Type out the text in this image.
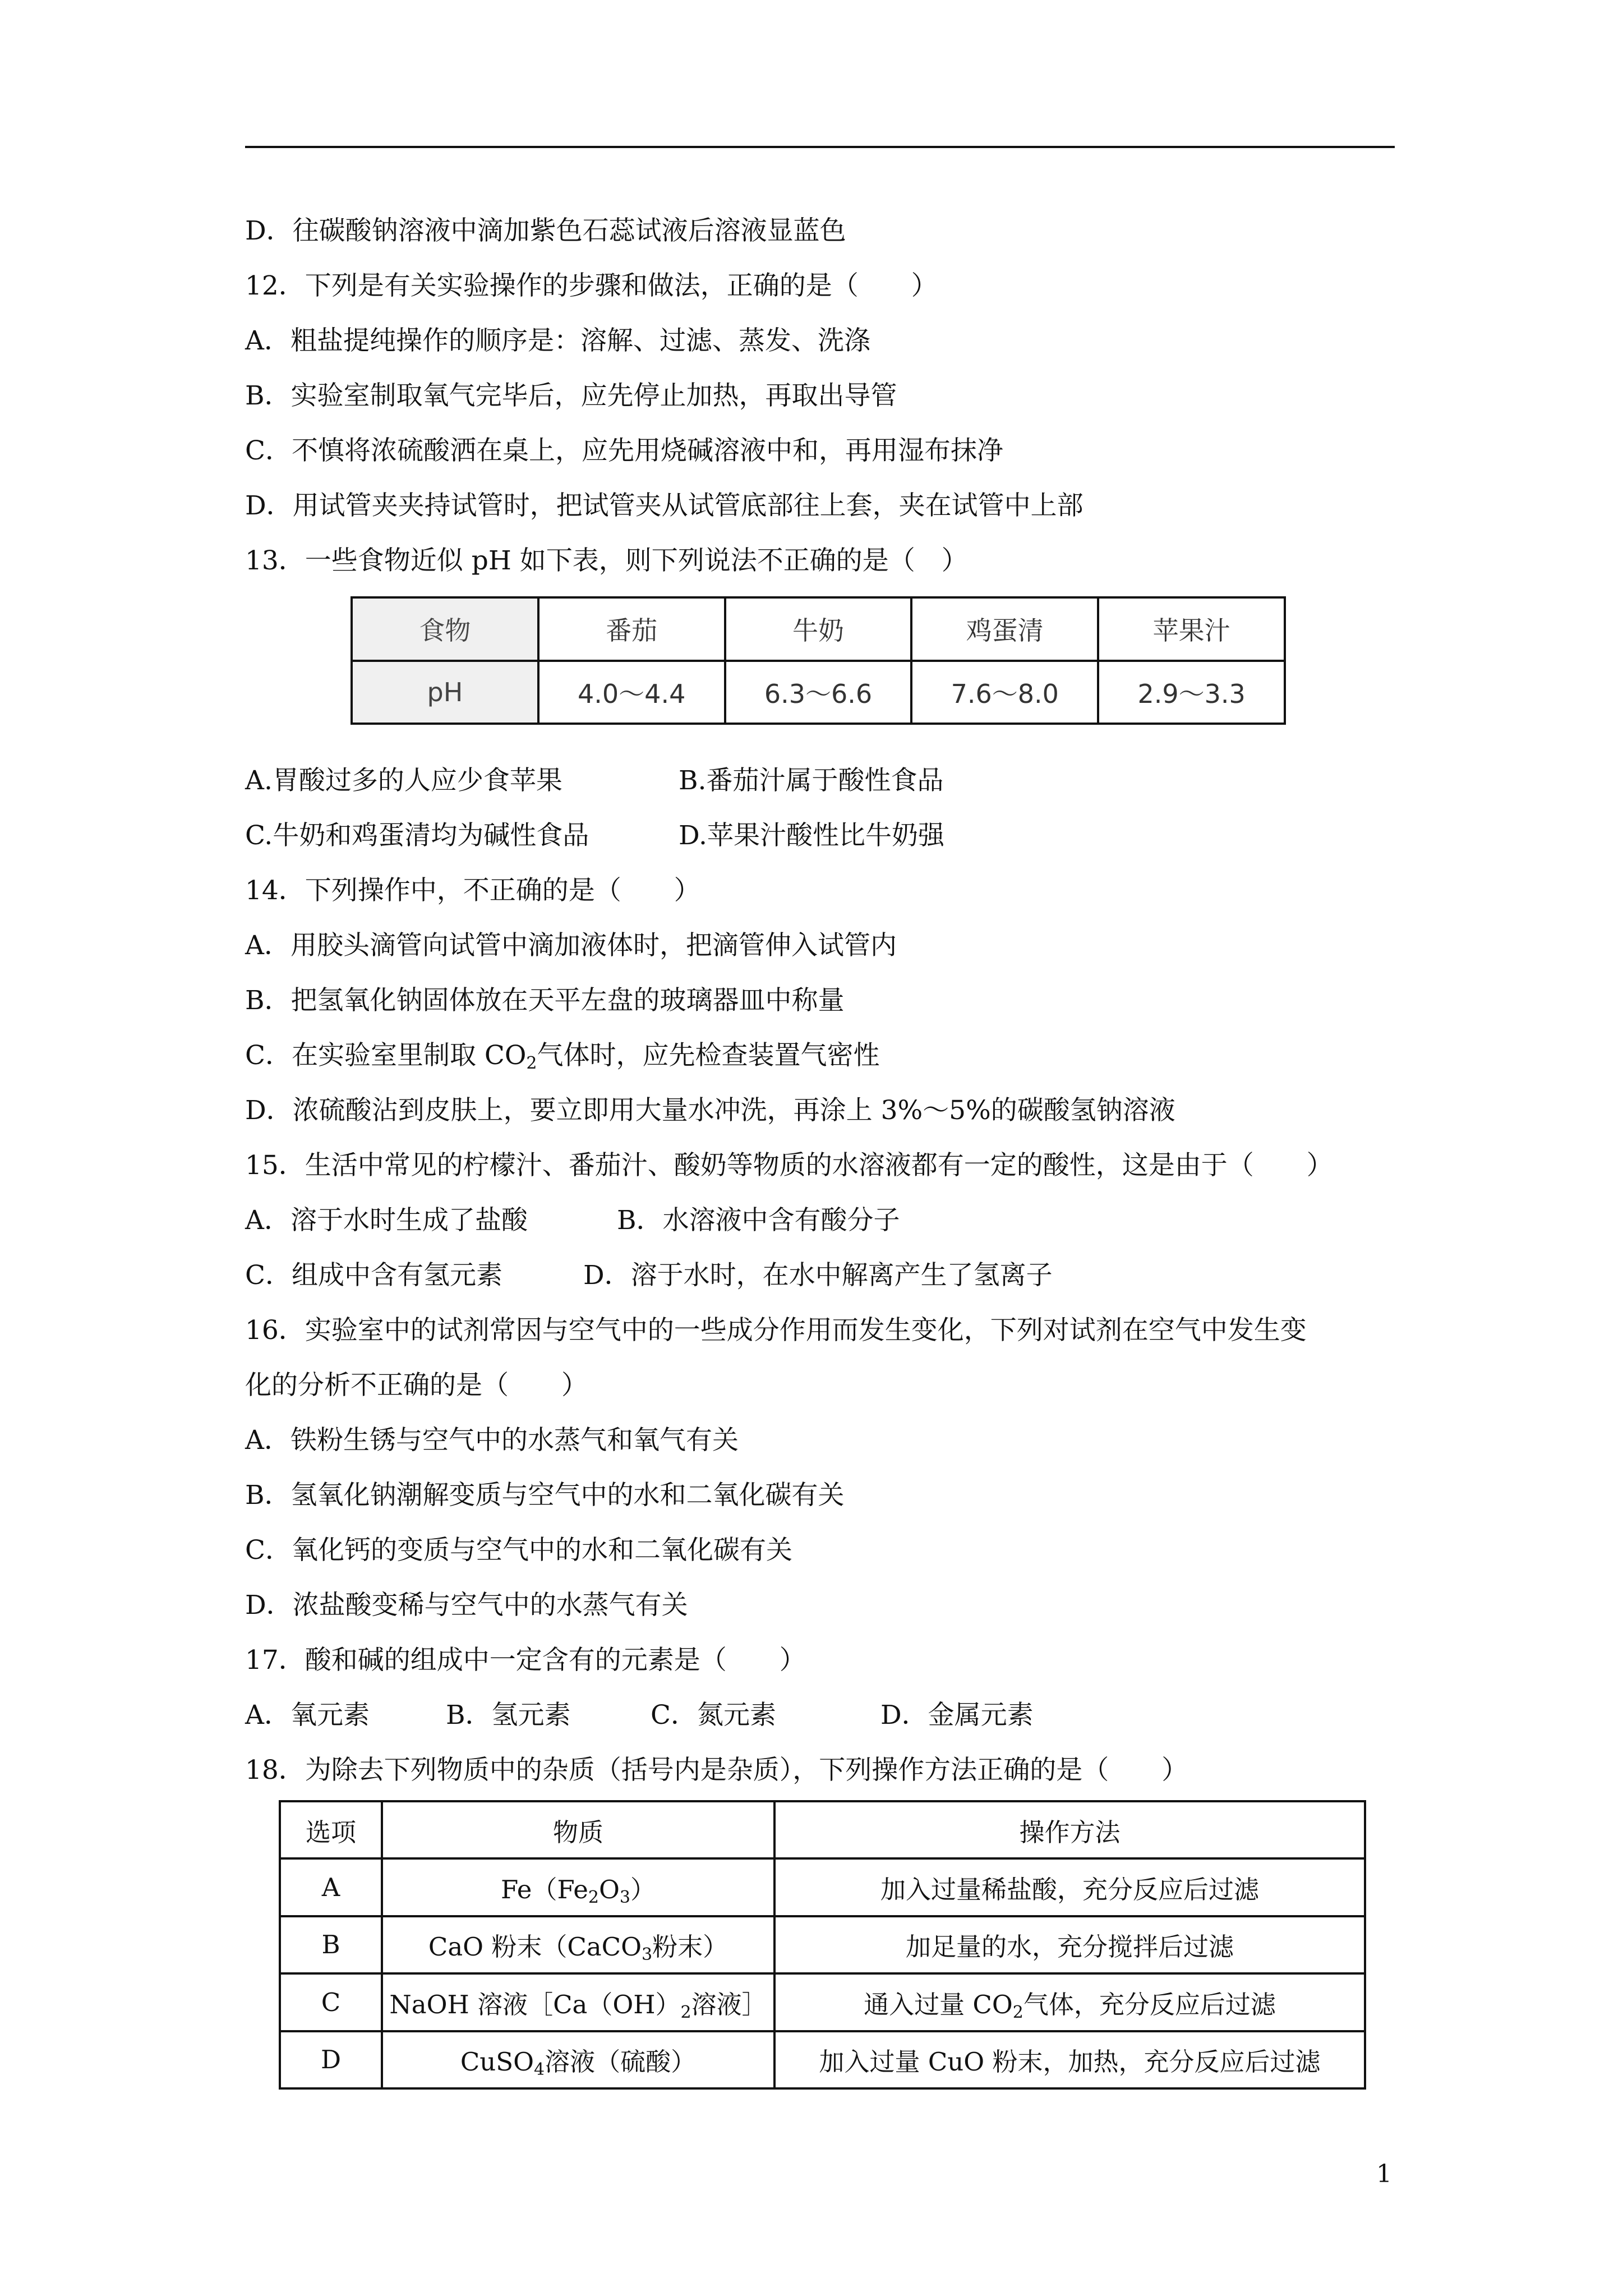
D．往碳酸钠溶液中滴加紫色石蕊试液后溶液显蓝色
12．下列是有关实验操作的步骤和做法，正确的是（　　）
A．粗盐提纯操作的顺序是：溶解、过滤、蒸发、洗涤
B．实验室制取氧气完毕后，应先停止加热，再取出导管
C．不慎将浓硫酸洒在桌上，应先用烧碱溶液中和，再用湿布抹净
D．用试管夹夹持试管时，把试管夹从试管底部往上套，夹在试管中上部
13．一些食物近似 pH 如下表，则下列说法不正确的是（　）
食物	番茄	牛奶	鸡蛋清	苹果汁
pH	4.0～4.4	6.3～6.6	7.6～8.0	2.9～3.3
A.胃酸过多的人应少食苹果	B.番茄汁属于酸性食品
C.牛奶和鸡蛋清均为碱性食品	D.苹果汁酸性比牛奶强
14．下列操作中，不正确的是（　　）
A．用胶头滴管向试管中滴加液体时，把滴管伸入试管内
B．把氢氧化钠固体放在天平左盘的玻璃器皿中称量
C．在实验室里制取 $CO_2$气体时，应先检查装置气密性
D．浓硫酸沾到皮肤上，要立即用大量水冲洗，再涂上 3%～5%的碳酸氢钠溶液
15．生活中常见的柠檬汁、番茄汁、酸奶等物质的水溶液都有一定的酸性，这是由于（　　）
A．溶于水时生成了盐酸	B．水溶液中含有酸分子
C．组成中含有氢元素	D．溶于水时，在水中解离产生了氢离子
16．实验室中的试剂常因与空气中的一些成分作用而发生变化，下列对试剂在空气中发生变
化的分析不正确的是（　　）
A．铁粉生锈与空气中的水蒸气和氧气有关
B．氢氧化钠潮解变质与空气中的水和二氧化碳有关
C．氧化钙的变质与空气中的水和二氧化碳有关
D．浓盐酸变稀与空气中的水蒸气有关
17．酸和碱的组成中一定含有的元素是（　　）
A．氧元素	B．氢元素	C．氮元素	D．金属元素
18．为除去下列物质中的杂质（括号内是杂质），下列操作方法正确的是（　　）
选项	物质	操作方法
A	$Fe(Fe_2O_3)$	加入过量稀盐酸，充分反应后过滤
B	CaO 粉末（CaCO$_3$粉末）	加足量的水，充分搅拌后过滤
C	NaOH 溶液$[Ca(OH)_2$溶液］	通入过量 $CO_2$气体，充分反应后过滤
D	CuSO$_4$溶液（硫酸）	加入过量 CuO 粉末，加热，充分反应后过滤
1
